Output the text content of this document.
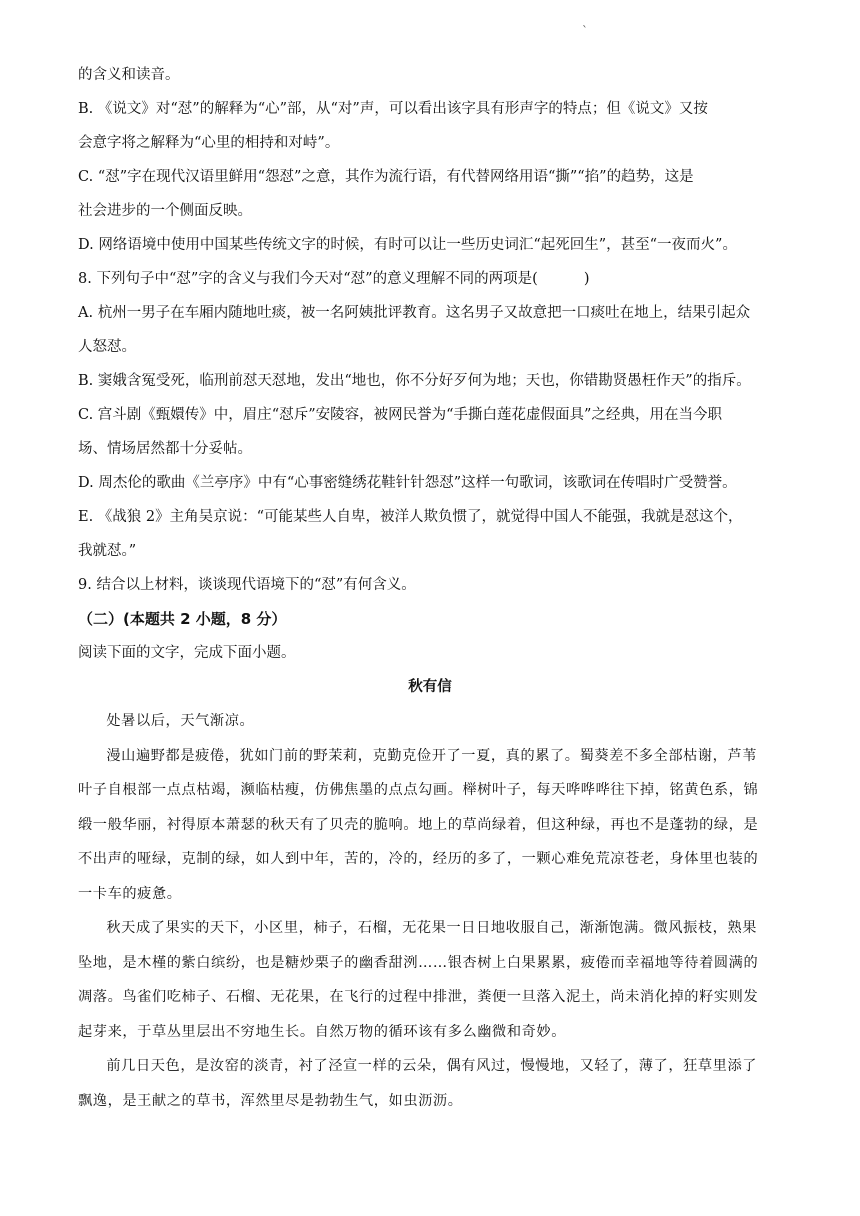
`

的含义和读音。

B. 《说文》对“怼”的解释为“心”部，从“对”声，可以看出该字具有形声字的特点；但《说文》又按

会意字将之解释为“心里的相持和对峙”。

C. “怼”字在现代汉语里鲜用“怨怼”之意，其作为流行语，有代替网络用语“撕”“掐”的趋势，这是

社会进步的一个侧面反映。

D. 网络语境中使用中国某些传统文字的时候，有时可以让一些历史词汇“起死回生”，甚至“一夜而火”。

8. 下列句子中“怼”字的含义与我们今天对“怼”的意义理解不同的两项是(          )

A. 杭州一男子在车厢内随地吐痰，被一名阿姨批评教育。这名男子又故意把一口痰吐在地上，结果引起众

人怒怼。

B. 窦娥含冤受死，临刑前怼天怼地，发出“地也，你不分好歹何为地；天也，你错勘贤愚枉作天”的指斥。

C. 宫斗剧《甄嬛传》中，眉庄“怼斥”安陵容，被网民誉为“手撕白莲花虚假面具”之经典，用在当今职

场、情场居然都十分妥帖。

D. 周杰伦的歌曲《兰亭序》中有“心事密缝绣花鞋针针怨怼”这样一句歌词，该歌词在传唱时广受赞誉。

E. 《战狼 2》主角吴京说：“可能某些人自卑，被洋人欺负惯了，就觉得中国人不能强，我就是怼这个，

我就怼。”

9. 结合以上材料，谈谈现代语境下的“怼”有何含义。

（二）(本题共 2 小题，8 分）

阅读下面的文字，完成下面小题。

秋有信

处暑以后，天气渐凉。

漫山遍野都是疲倦，犹如门前的野茉莉，克勤克俭开了一夏，真的累了。蜀葵差不多全部枯谢，芦苇

叶子自根部一点点枯竭，濒临枯瘦，仿佛焦墨的点点勾画。榉树叶子，每天哗哗哗往下掉，铭黄色系，锦

缎一般华丽，衬得原本萧瑟的秋天有了贝壳的脆响。地上的草尚绿着，但这种绿，再也不是蓬勃的绿，是

不出声的哑绿，克制的绿，如人到中年，苦的，冷的，经历的多了，一颗心难免荒凉苍老，身体里也装的

一卡车的疲惫。

秋天成了果实的天下，小区里，柿子，石榴，无花果一日日地收服自己，渐渐饱满。微风振枝，熟果

坠地，是木槿的紫白缤纷，也是糖炒栗子的幽香甜洌……银杏树上白果累累，疲倦而幸福地等待着圆满的

凋落。鸟雀们吃柿子、石榴、无花果，在飞行的过程中排泄，粪便一旦落入泥土，尚未消化掉的籽实则发

起芽来，于草丛里层出不穷地生长。自然万物的循环该有多么幽微和奇妙。

前几日天色，是汝窑的淡青，衬了泾宣一样的云朵，偶有风过，慢慢地，又轻了，薄了，狂草里添了

飘逸，是王献之的草书，浑然里尽是勃勃生气，如虫沥沥。
